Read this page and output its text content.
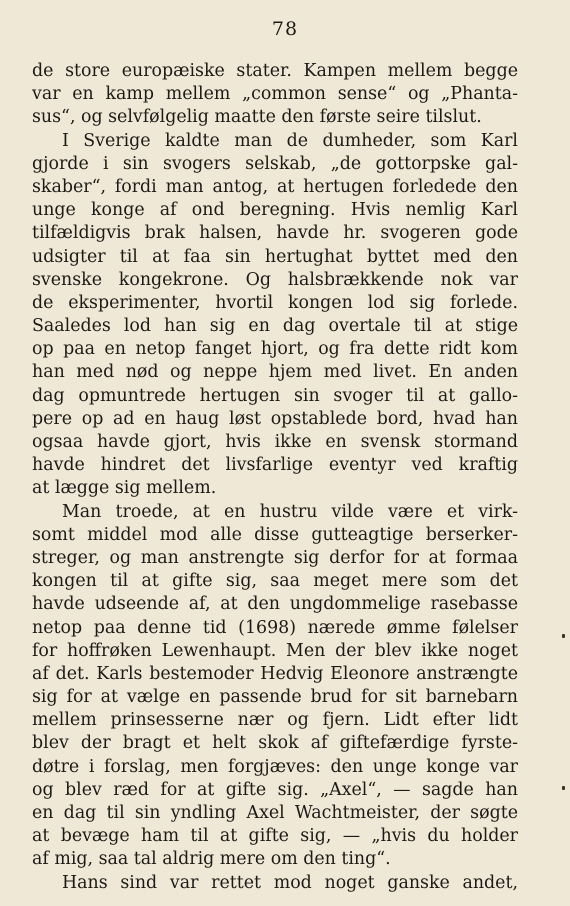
78
de store europæiske stater. Kampen mellem begge
var en kamp mellem „common sense“ og „Phanta-
sus“, og selvfølgelig maatte den første seire tilslut.
I Sverige kaldte man de dumheder, som Karl
gjorde i sin svogers selskab, „de gottorpske gal-
skaber“, fordi man antog, at hertugen forledede den
unge konge af ond beregning. Hvis nemlig Karl
tilfældigvis brak halsen, havde hr. svogeren gode
udsigter til at faa sin hertughat byttet med den
svenske kongekrone. Og halsbrækkende nok var
de eksperimenter, hvortil kongen lod sig forlede.
Saaledes lod han sig en dag overtale til at stige
op paa en netop fanget hjort, og fra dette ridt kom
han med nød og neppe hjem med livet. En anden
dag opmuntrede hertugen sin svoger til at gallo-
pere op ad en haug løst opstablede bord, hvad han
ogsaa havde gjort, hvis ikke en svensk stormand
havde hindret det livsfarlige eventyr ved kraftig
at lægge sig mellem.
Man troede, at en hustru vilde være et virk-
somt middel mod alle disse gutteagtige berserker-
streger, og man anstrengte sig derfor for at formaa
kongen til at gifte sig, saa meget mere som det
havde udseende af, at den ungdommelige rasebasse
netop paa denne tid (1698) nærede ømme følelser
for hoffrøken Lewenhaupt. Men der blev ikke noget
af det. Karls bestemoder Hedvig Eleonore anstrængte
sig for at vælge en passende brud for sit barnebarn
mellem prinsesserne nær og fjern. Lidt efter lidt
blev der bragt et helt skok af giftefærdige fyrste-
døtre i forslag, men forgjæves: den unge konge var
og blev ræd for at gifte sig. „Axel“, — sagde han
en dag til sin yndling Axel Wachtmeister, der søgte
at bevæge ham til at gifte sig, — „hvis du holder
af mig, saa tal aldrig mere om den ting“.
Hans sind var rettet mod noget ganske andet,
